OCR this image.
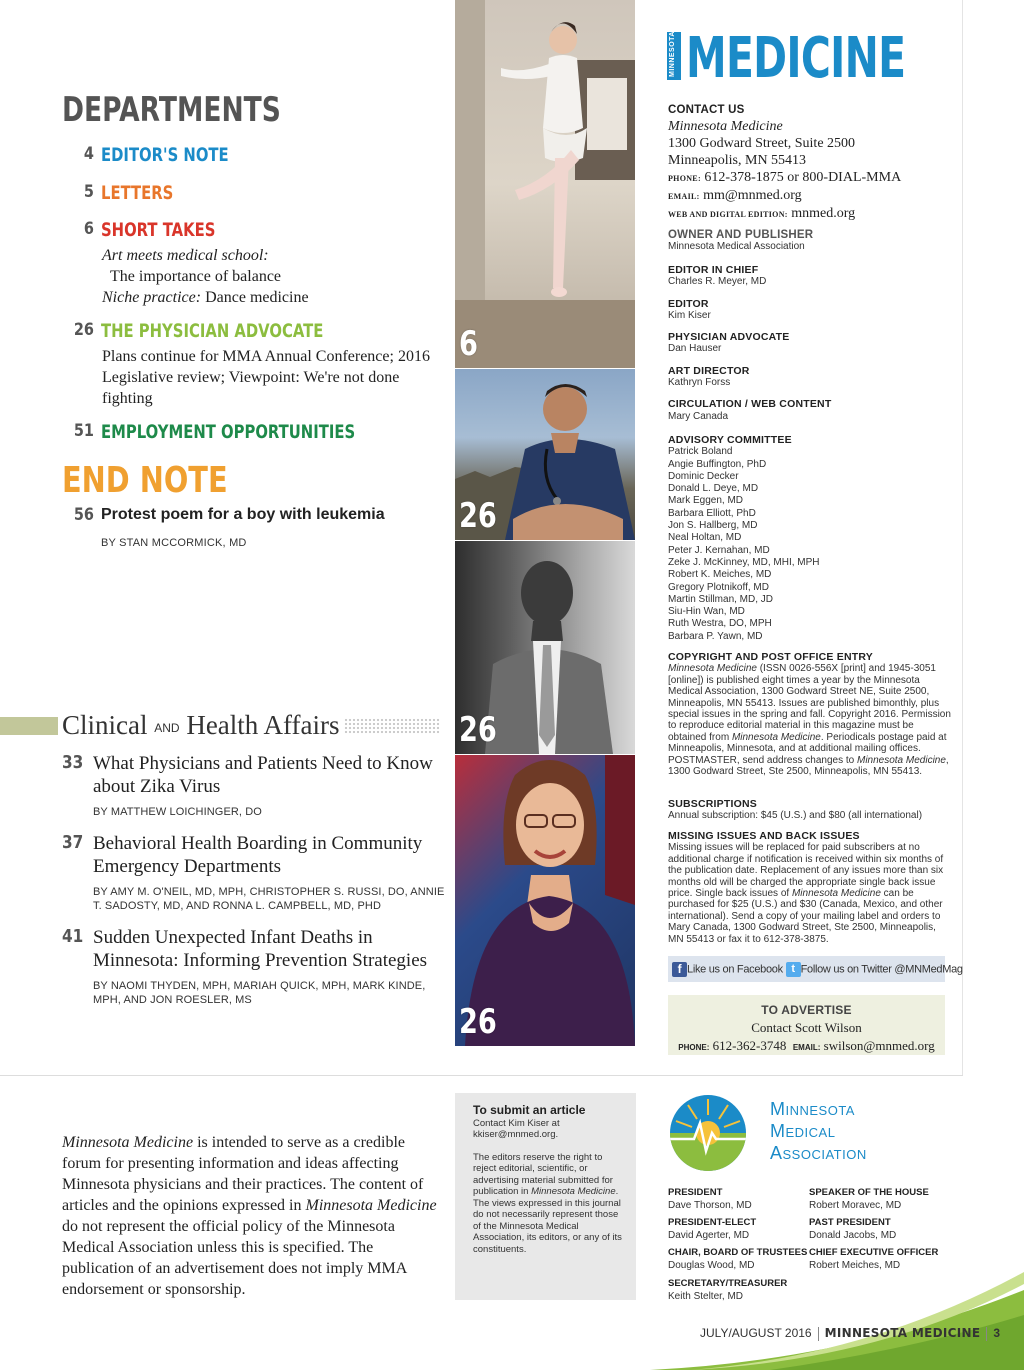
DEPARTMENTS
4 EDITOR'S NOTE
5 LETTERS
6 SHORT TAKES
Art meets medical school:
The importance of balance
Niche practice: Dance medicine
26 THE PHYSICIAN ADVOCATE
Plans continue for MMA Annual Conference; 2016 Legislative review; Viewpoint: We're not done fighting
51 EMPLOYMENT OPPORTUNITIES
END NOTE
56 Protest poem for a boy with leukemia
BY STAN MCCORMICK, MD
Clinical AND Health Affairs
33 What Physicians and Patients Need to Know about Zika Virus
BY MATTHEW LOICHINGER, DO
37 Behavioral Health Boarding in Community Emergency Departments
BY AMY M. O'NEIL, MD, MPH, CHRISTOPHER S. RUSSI, DO, ANNIE T. SADOSTY, MD, AND RONNA L. CAMPBELL, MD, PHD
41 Sudden Unexpected Infant Deaths in Minnesota: Informing Prevention Strategies
BY NAOMI THYDEN, MPH, MARIAH QUICK, MPH, MARK KINDE, MPH, AND JON ROESLER, MS
Minnesota Medicine is intended to serve as a credible forum for presenting information and ideas affecting Minnesota physicians and their practices. The content of articles and the opinions expressed in Minnesota Medicine do not represent the official policy of the Minnesota Medical Association unless this is specified. The publication of an advertisement does not imply MMA endorsement or sponsorship.
6
26
26
26
To submit an article
Contact Kim Kiser at kkiser@mnmed.org.
The editors reserve the right to reject editorial, scientific, or advertising material submitted for publication in Minnesota Medicine. The views expressed in this journal do not necessarily represent those of the Minnesota Medical Association, its editors, or any of its constituents.
MINNESOTA MEDICINE
CONTACT US
Minnesota Medicine
1300 Godward Street, Suite 2500
Minneapolis, MN 55413
PHONE: 612-378-1875 or 800-DIAL-MMA
EMAIL: mm@mnmed.org
WEB AND DIGITAL EDITION: mnmed.org
OWNER AND PUBLISHER
Minnesota Medical Association
EDITOR IN CHIEF
Charles R. Meyer, MD
EDITOR
Kim Kiser
PHYSICIAN ADVOCATE
Dan Hauser
ART DIRECTOR
Kathryn Forss
CIRCULATION / WEB CONTENT
Mary Canada
ADVISORY COMMITTEE
Patrick Boland
Angie Buffington, PhD
Dominic Decker
Donald L. Deye, MD
Mark Eggen, MD
Barbara Elliott, PhD
Jon S. Hallberg, MD
Neal Holtan, MD
Peter J. Kernahan, MD
Zeke J. McKinney, MD, MHI, MPH
Robert K. Meiches, MD
Gregory Plotnikoff, MD
Martin Stillman, MD, JD
Siu-Hin Wan, MD
Ruth Westra, DO, MPH
Barbara P. Yawn, MD
COPYRIGHT AND POST OFFICE ENTRY
Minnesota Medicine (ISSN 0026-556X [print] and 1945-3051 [online]) is published eight times a year by the Minnesota Medical Association, 1300 Godward Street NE, Suite 2500, Minneapolis, MN 55413. Issues are published bimonthly, plus special issues in the spring and fall. Copyright 2016. Permission to reproduce editorial material in this magazine must be obtained from Minnesota Medicine. Periodicals postage paid at Minneapolis, Minnesota, and at additional mailing offices. POSTMASTER, send address changes to Minnesota Medicine, 1300 Godward Street, Ste 2500, Minneapolis, MN 55413.
SUBSCRIPTIONS
Annual subscription: $45 (U.S.) and $80 (all international)
MISSING ISSUES AND BACK ISSUES
Missing issues will be replaced for paid subscribers at no additional charge if notification is received within six months of the publication date. Replacement of any issues more than six months old will be charged the appropriate single back issue price. Single back issues of Minnesota Medicine can be purchased for $25 (U.S.) and $30 (Canada, Mexico, and other international). Send a copy of your mailing label and orders to Mary Canada, 1300 Godward Street, Ste 2500, Minneapolis, MN 55413 or fax it to 612-378-3875.
f Like us on Facebook t Follow us on Twitter @MNMedMag
TO ADVERTISE
Contact Scott Wilson
PHONE: 612-362-3748 EMAIL: swilson@mnmed.org
Minnesota
Medical
Association
PRESIDENT
Dave Thorson, MD
SPEAKER OF THE HOUSE
Robert Moravec, MD
PRESIDENT-ELECT
David Agerter, MD
PAST PRESIDENT
Donald Jacobs, MD
CHAIR, BOARD OF TRUSTEES
Douglas Wood, MD
CHIEF EXECUTIVE OFFICER
Robert Meiches, MD
SECRETARY/TREASURER
Keith Stelter, MD
JULY/AUGUST 2016 MINNESOTA MEDICINE 3
